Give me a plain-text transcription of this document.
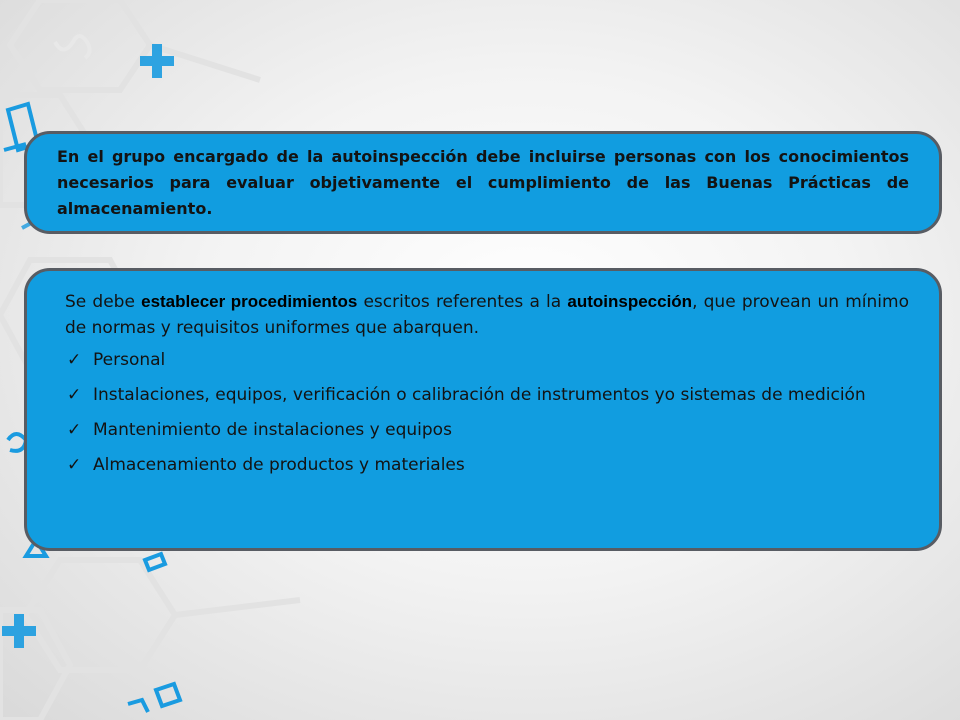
En el grupo encargado de la autoinspección debe incluirse personas con los conocimientos necesarios para evaluar objetivamente el cumplimiento de las Buenas Prácticas de almacenamiento.

Se debe establecer procedimientos escritos referentes a la autoinspección, que provean un mínimo de normas y requisitos uniformes que abarquen.

✓ Personal
✓ Instalaciones, equipos, verificación o calibración de instrumentos yo sistemas de medición
✓ Mantenimiento de instalaciones y equipos
✓ Almacenamiento de productos y materiales
